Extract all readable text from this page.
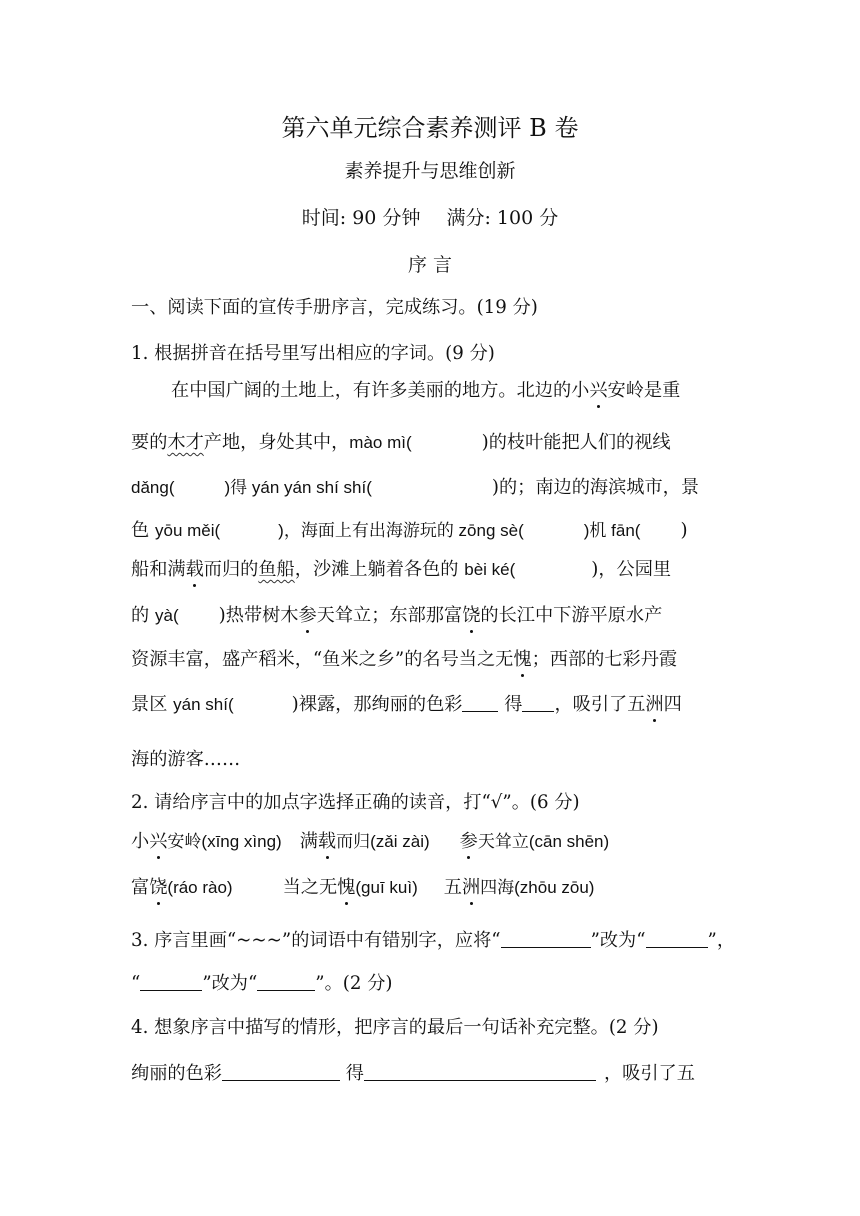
第六单元综合素养测评 B 卷
素养提升与思维创新
时间: 90 分钟 满分: 100 分
序 言
一、阅读下面的宣传手册序言，完成练习。(19 分)
1. 根据拼音在括号里写出相应的字词。(9 分)
在中国广阔的土地上，有许多美丽的地方。北边的小兴安岭是重
要的木才产地，身处其中，mào mì(	)的枝叶能把人们的视线
dǎng(	)得 yán yán shí shí(	)的；南边的海滨城市，景
色 yōu měi(	)，海面上有出海游玩的 zōng sè(	)机 fān( )
船和满载而归的鱼船，沙滩上躺着各色的 bèi ké(	)，公园里
的 yà( )热带树木参天耸立；东部那富饶的长江中下游平原水产
资源丰富，盛产稻米，“鱼米之乡”的名号当之无愧；西部的七彩丹霞
景区 yán shí(	)裸露，那绚丽的色彩 得 ，吸引了五洲四
海的游客……
2. 请给序言中的加点字选择正确的读音，打“√”。(6 分)
小兴安岭(xīng xìng) 满载而归(zǎi zài) 参天耸立(cān shēn)
富饶(ráo rào)	当之无愧(guī kuì) 五洲四海(zhōu zōu)
3. 序言里画“~~~”的词语中有错别字，应将“	”改为“	”，
“	”改为“	”。(2 分)
4. 想象序言中描写的情形，把序言的最后一句话补充完整。(2 分)
绚丽的色彩	得	，吸引了五
